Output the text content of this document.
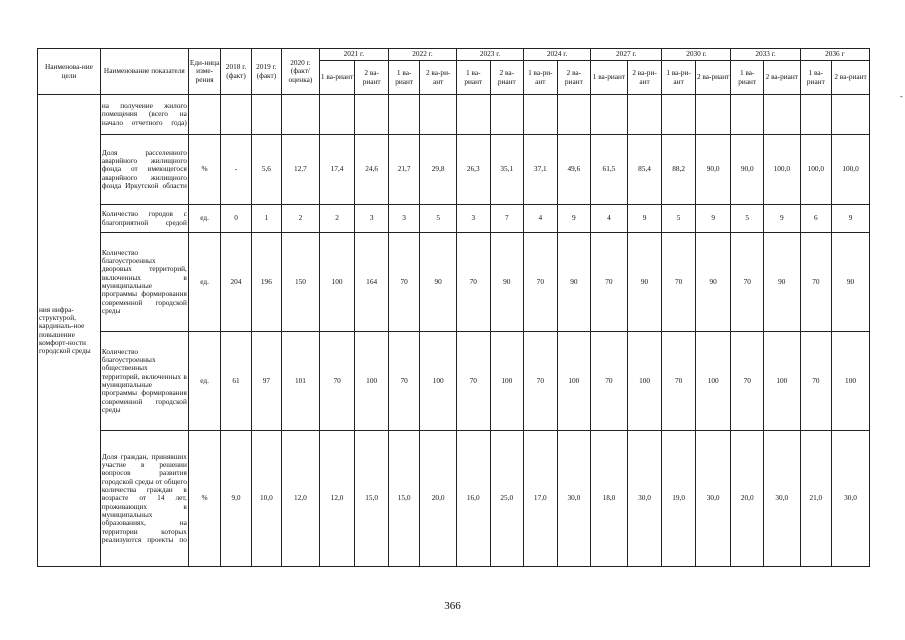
Наименова-ние цели	Наименование показателя	Еди-ница изме-рения	2018 г. (факт)	2019 г. (факт)	2020 г. (факт/ оценка)	2021 г.		2022 г.		2023 г.		2024 г.		2027 г.		2030 г.		2033 г.		2036 г	
						1 ва-риант	2 ва-риант	1 ва-риант	2 ва-ри-ант	1 ва-риант	2 ва-риант	1 ва-ри-ант	2 ва-риант	1 ва-риант	2 ва-ри-ант	1 ва-ри-ант	2 ва-риант	1 ва-риант	2 ва-риант	1 ва-риант	2 ва-риант
ния инфра-структурой, кардиналь-ное повышение комфорт-ности городской среды	на получение жилого помещения (всего на начало отчетного года)																				
	Доля расселенного аварийного жилищного фонда от имеющегося аварийного жилищного фонда Иркутской области	%	-	5,6	12,7	17,4	24,6	21,7	29,8	26,3	35,1	37,1	49,6	61,5	85,4	88,2	90,0	90,0	100,0	100,0	100,0
	Количество городов с благоприятной средой	ед.	0	1	2	2	3	3	5	3	7	4	9	4	9	5	9	5	9	6	9
	Количество благоустроенных дворовых территорий, включенных в муниципальные программы формирования современной городской среды	ед.	204	196	150	100	164	70	90	70	90	70	90	70	90	70	90	70	90	70	90
	Количество благоустроенных общественных территорий, включенных в муниципальные программы формирования современной городской среды	ед.	61	97	101	70	100	70	100	70	100	70	100	70	100	70	100	70	100	70	100
	Доля граждан, принявших участие в решении вопросов развития городской среды от общего количества граждан в возрасте от 14 лет, проживающих в муниципальных образованиях, на территории которых реализуются проекты по	%	9,0	10,0	12,0	12,0	15,0	15,0	20,0	16,0	25,0	17,0	30,0	18,0	30,0	19,0	30,0	20,0	30,0	21,0	30,0
366
-
